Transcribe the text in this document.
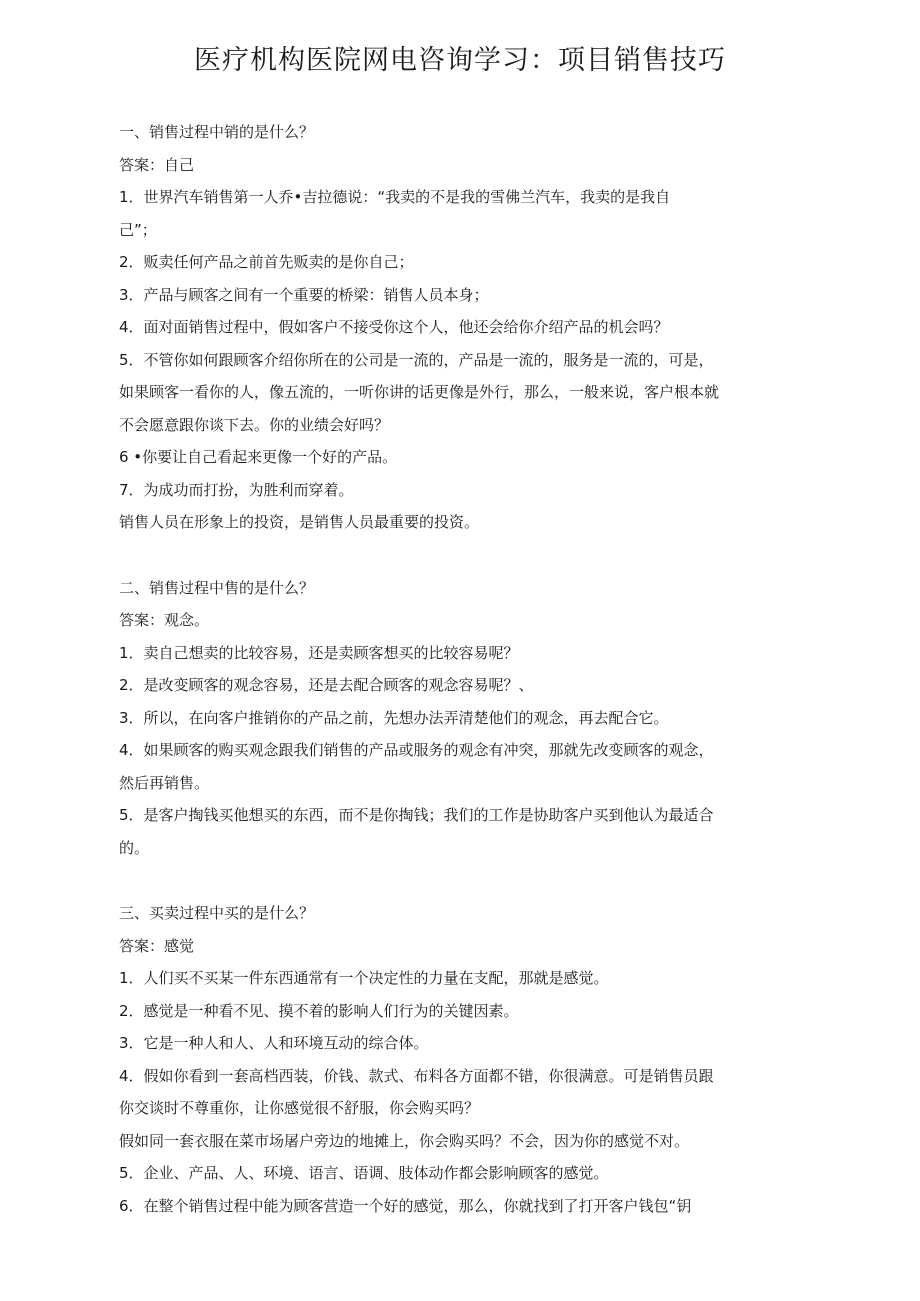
医疗机构医院网电咨询学习：项目销售技巧
一、销售过程中销的是什么？
答案：自己
1．世界汽车销售第一人乔•吉拉德说：“我卖的不是我的雪佛兰汽车，我卖的是我自
己”；
2．贩卖任何产品之前首先贩卖的是你自己；
3．产品与顾客之间有一个重要的桥梁：销售人员本身；
4．面对面销售过程中，假如客户不接受你这个人，他还会给你介绍产品的机会吗？
5．不管你如何跟顾客介绍你所在的公司是一流的，产品是一流的，服务是一流的，可是，
如果顾客一看你的人，像五流的，一听你讲的话更像是外行，那么，一般来说，客户根本就
不会愿意跟你谈下去。你的业绩会好吗？
6 •你要让自己看起来更像一个好的产品。
7．为成功而打扮，为胜利而穿着。
销售人员在形象上的投资，是销售人员最重要的投资。
二、销售过程中售的是什么？
答案：观念。
1．卖自己想卖的比较容易，还是卖顾客想买的比较容易呢？
2．是改变顾客的观念容易，还是去配合顾客的观念容易呢？、
3．所以，在向客户推销你的产品之前，先想办法弄清楚他们的观念，再去配合它。
4．如果顾客的购买观念跟我们销售的产品或服务的观念有冲突，那就先改变顾客的观念，
然后再销售。
5．是客户掏钱买他想买的东西，而不是你掏钱；我们的工作是协助客户买到他认为最适合
的。
三、买卖过程中买的是什么？
答案：感觉
1．人们买不买某一件东西通常有一个决定性的力量在支配，那就是感觉。
2．感觉是一种看不见、摸不着的影响人们行为的关键因素。
3．它是一种人和人、人和环境互动的综合体。
4．假如你看到一套高档西装，价钱、款式、布料各方面都不错，你很满意。可是销售员跟
你交谈时不尊重你，让你感觉很不舒服，你会购买吗？
假如同一套衣服在菜市场屠户旁边的地摊上，你会购买吗？不会，因为你的感觉不对。
5．企业、产品、人、环境、语言、语调、肢体动作都会影响顾客的感觉。
6．在整个销售过程中能为顾客营造一个好的感觉，那么，你就找到了打开客户钱包“钥
